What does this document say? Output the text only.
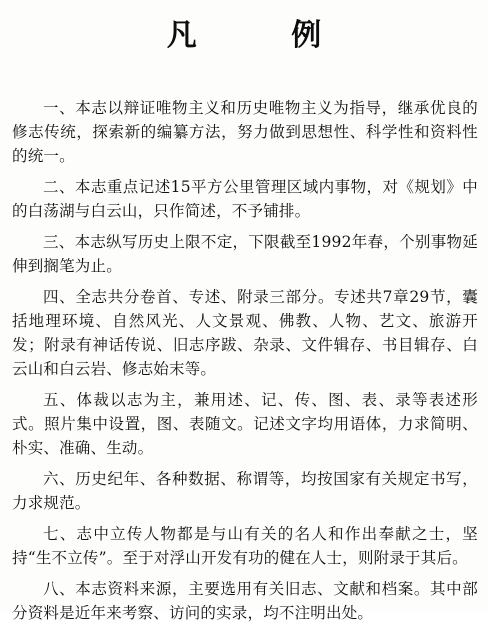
凡 例

一、本志以辩证唯物主义和历史唯物主义为指导，继承优良的修志传统，探索新的编纂方法，努力做到思想性、科学性和资料性的统一。

二、本志重点记述15平方公里管理区域内事物，对《规划》中的白荡湖与白云山，只作简述，不予铺排。

三、本志纵写历史上限不定，下限截至1992年春，个别事物延伸到搁笔为止。

四、全志共分卷首、专述、附录三部分。专述共7章29节，囊括地理环境、自然风光、人文景观、佛教、人物、艺文、旅游开发；附录有神话传说、旧志序跋、杂录、文件辑存、书目辑存、白云山和白云岩、修志始末等。

五、体裁以志为主，兼用述、记、传、图、表、录等表述形式。照片集中设置，图、表随文。记述文字均用语体，力求简明、朴实、准确、生动。

六、历史纪年、各种数据、称谓等，均按国家有关规定书写，力求规范。

七、志中立传人物都是与山有关的名人和作出奉献之士，坚持“生不立传”。至于对浮山开发有功的健在人士，则附录于其后。

八、本志资料来源，主要选用有关旧志、文献和档案。其中部分资料是近年来考察、访问的实录，均不注明出处。
